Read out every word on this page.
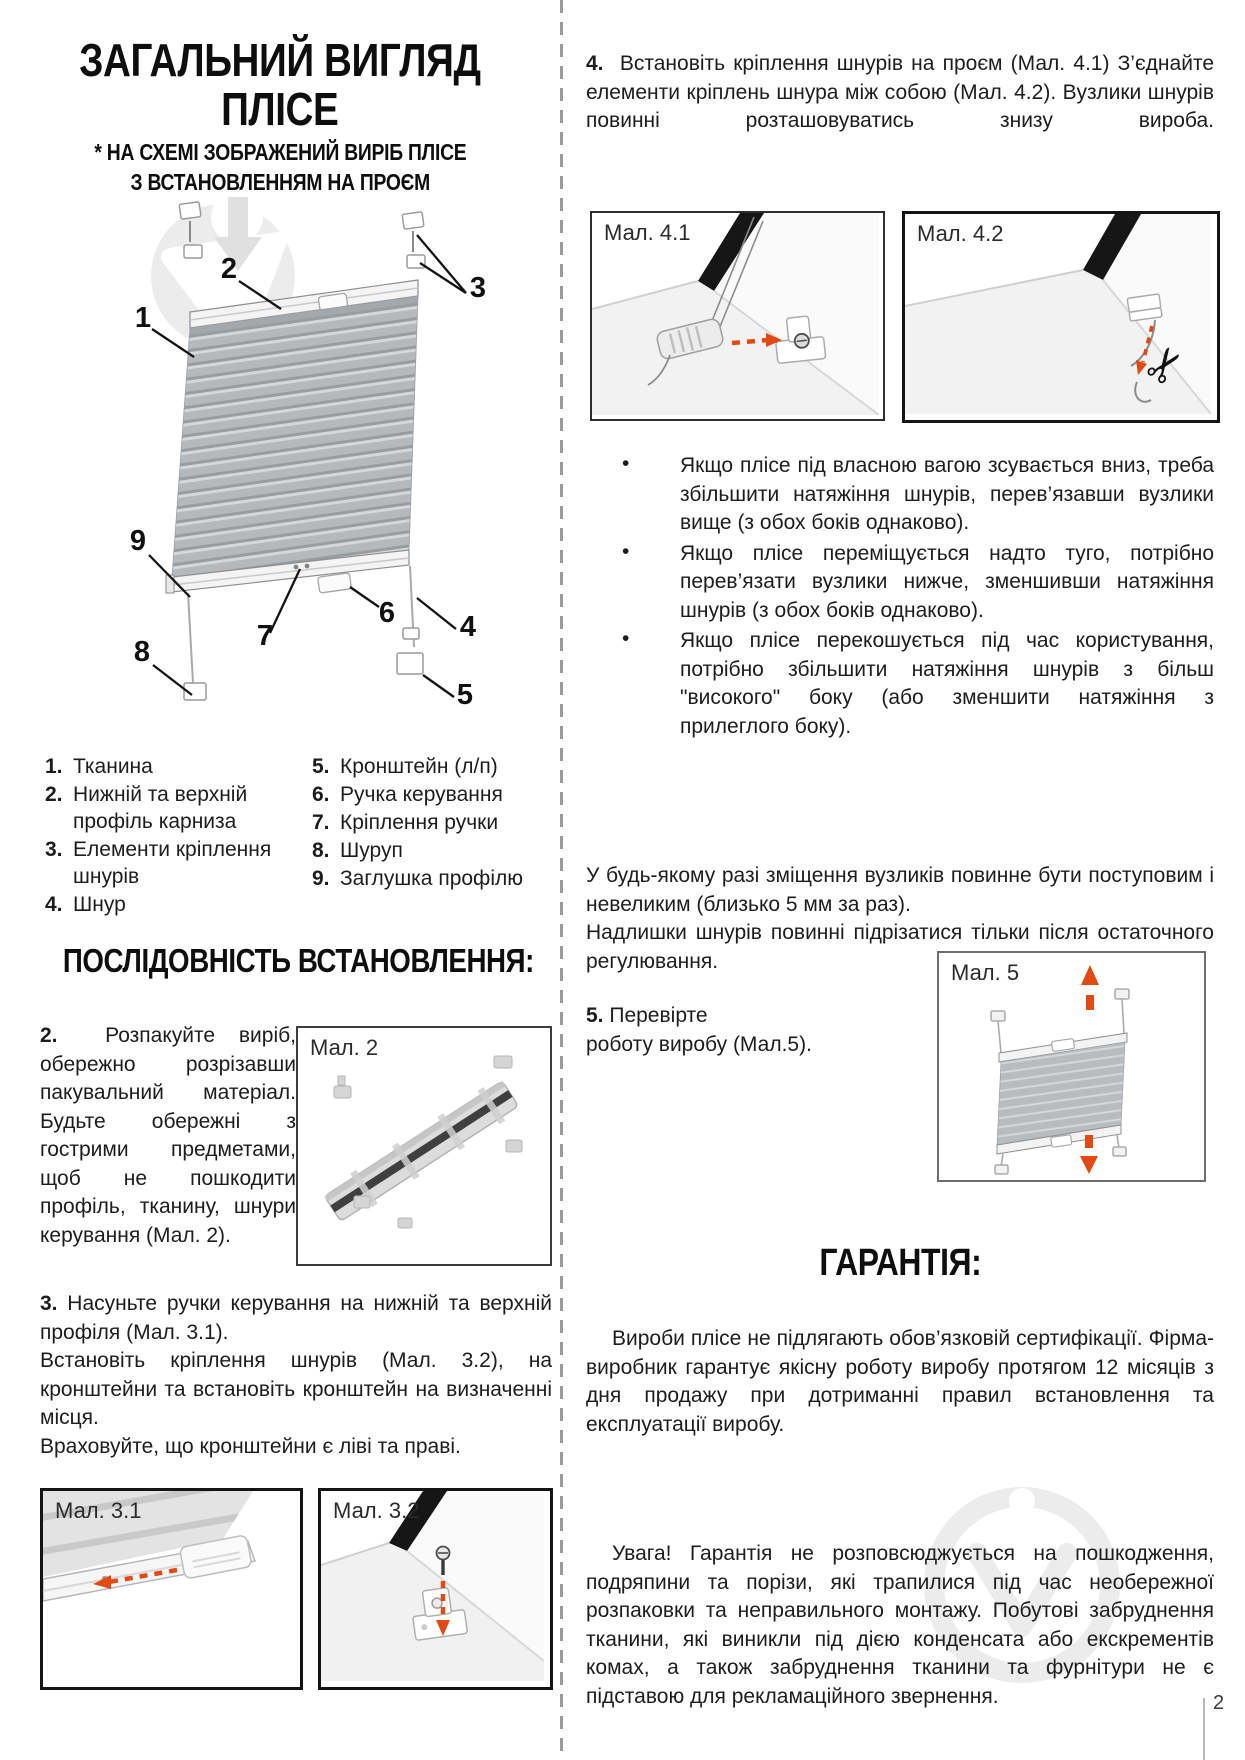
ЗАГАЛЬНИЙ ВИГЛЯД
ПЛІСЕ
* НА СХЕМІ ЗОБРАЖЕНИЙ ВИРІБ ПЛІСЕ
З ВСТАНОВЛЕННЯМ НА ПРОЄМ
1
2
3
4
5
6
7
8
9
1. Тканина
2. Нижній та верхній профіль карниза
3. Елементи кріплення шнурів
4. Шнур
5. Кронштейн (л/п)
6. Ручка керування
7. Кріплення ручки
8. Шуруп
9. Заглушка профілю
ПОСЛІДОВНІСТЬ ВСТАНОВЛЕННЯ:
2. Розпакуйте виріб, обережно розрізавши пакувальний матеріал. Будьте обережні з гострими предметами, щоб не пошкодити профіль, тканину, шнури керування (Мал. 2).
Мал. 2
3. Насуньте ручки керування на нижній та верхній профіля (Мал. 3.1).
Встановіть кріплення шнурів (Мал. 3.2), на кронштейни та встановіть кронштейн на визначенні місця.
Враховуйте, що кронштейни є ліві та праві.
Мал. 3.1	Мал. 3.2
4. Встановіть кріплення шнурів на проєм (Мал. 4.1) З’єднайте елементи кріплень шнура між собою (Мал. 4.2). Вузлики шнурів повинні розташовуватись знизу вироба.
Мал. 4.1	Мал. 4.2
✂
•	Якщо плісе під власною вагою зсувається вниз, треба збільшити натяжіння шнурів, перев’язавши вузлики вище (з обох боків однаково).
•	Якщо плісе переміщується надто туго, потрібно перев’язати вузлики нижче, зменшивши натяжіння шнурів (з обох боків однаково).
•	Якщо плісе перекошується під час користування, потрібно збільшити натяжіння шнурів з більш "високого" боку (або зменшити натяжіння з прилеглого боку).
У будь-якому разі зміщення вузликів повинне бути поступовим і невеликим (близько 5 мм за раз).
Надлишки шнурів повинні підрізатися тільки після остаточного регулювання.
5. Перевірте
роботу виробу (Мал.5).
Мал. 5
ГАРАНТІЯ:
Вироби плісе не підлягають обов’язковій сертифікації. Фірма-виробник гарантує якісну роботу виробу протягом 12 місяців з дня продажу при дотриманні правил встановлення та експлуатації виробу.
Увага! Гарантія не розповсюджується на пошкодження, подряпини та порізи, які трапилися під час необережної розпаковки та неправильного монтажу. Побутові забруднення тканини, які виникли під дією конденсата або екскрементів комах, а також забруднення тканини та фурнітури не є підставою для рекламаційного звернення.	2
